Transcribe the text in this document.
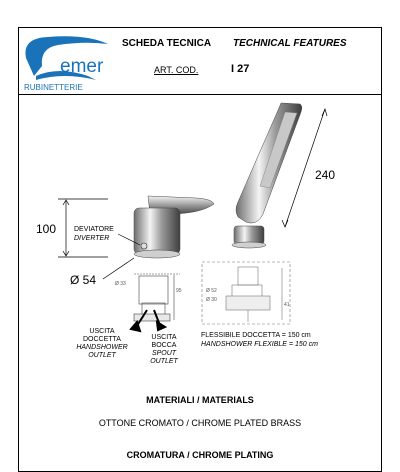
emer
RUBINETTERIE
SCHEDA TECNICA TECHNICAL FEATURES
ART. COD.	I 27
100	DEVIATORE
DIVERTER
240
Ø 54	Ø 33
95	Ø 52
Ø 30
41
USCITA
DOCCETTA
HANDSHOWER
OUTLET
USCITA
BOCCA
SPOUT
OUTLET
FLESSIBILE DOCCETTA = 150 cm
HANDSHOWER FLEXIBLE = 150 cm
MATERIALI / MATERIALS
OTTONE CROMATO / CHROME PLATED BRASS
CROMATURA / CHROME PLATING
